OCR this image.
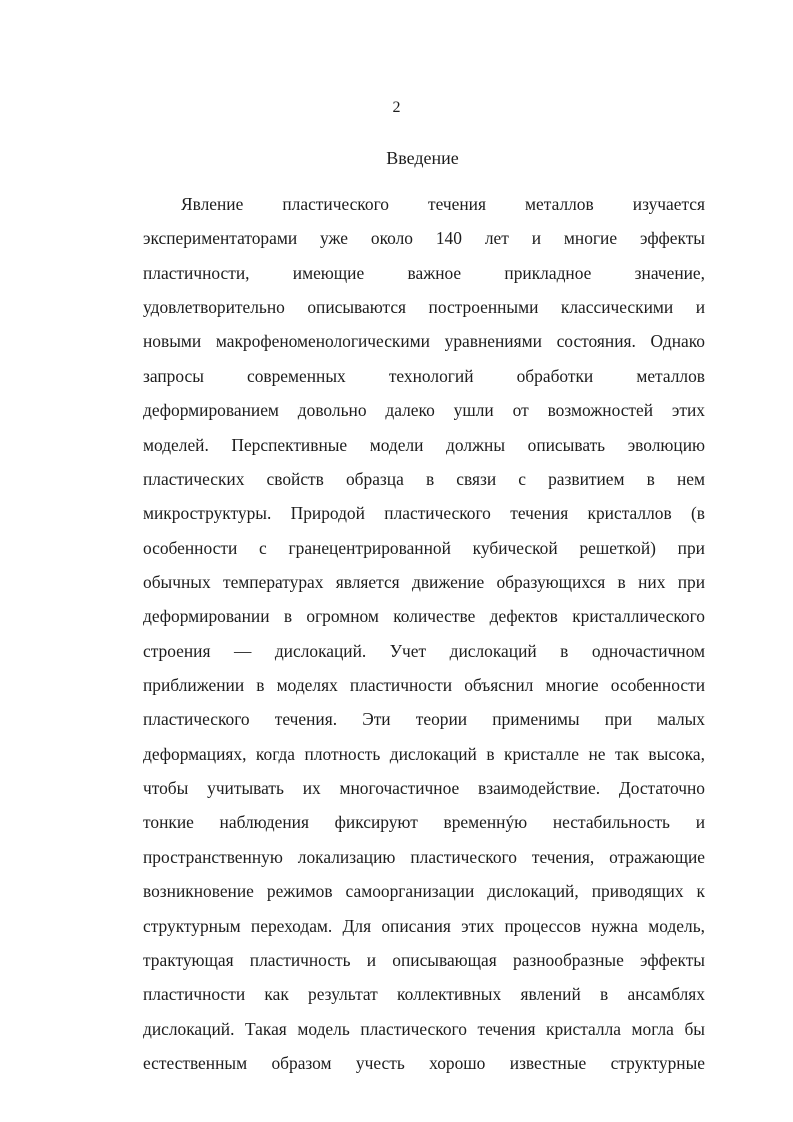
2
Введение
Явление пластического течения металлов изучается
экспериментаторами уже около 140 лет и многие эффекты
пластичности, имеющие важное прикладное значение,
удовлетворительно описываются построенными классическими и
новыми макрофеноменологическими уравнениями состояния. Однако
запросы современных технологий обработки металлов
деформированием довольно далеко ушли от возможностей этих
моделей. Перспективные модели должны описывать эволюцию
пластических свойств образца в связи с развитием в нем
микроструктуры. Природой пластического течения кристаллов (в
особенности с гранецентрированной кубической решеткой) при
обычных температурах является движение образующихся в них при
деформировании в огромном количестве дефектов кристаллического
строения — дислокаций. Учет дислокаций в одночастичном
приближении в моделях пластичности объяснил многие особенности
пластического течения. Эти теории применимы при малых
деформациях, когда плотность дислокаций в кристалле не так высока,
чтобы учитывать их многочастичное взаимодействие. Достаточно
тонкие наблюдения фиксируют временнýю нестабильность и
пространственную локализацию пластического течения, отражающие
возникновение режимов самоорганизации дислокаций, приводящих к
структурным переходам. Для описания этих процессов нужна модель,
трактующая пластичность и описывающая разнообразные эффекты
пластичности как результат коллективных явлений в ансамблях
дислокаций. Такая модель пластического течения кристалла могла бы
естественным образом учесть хорошо известные структурные
